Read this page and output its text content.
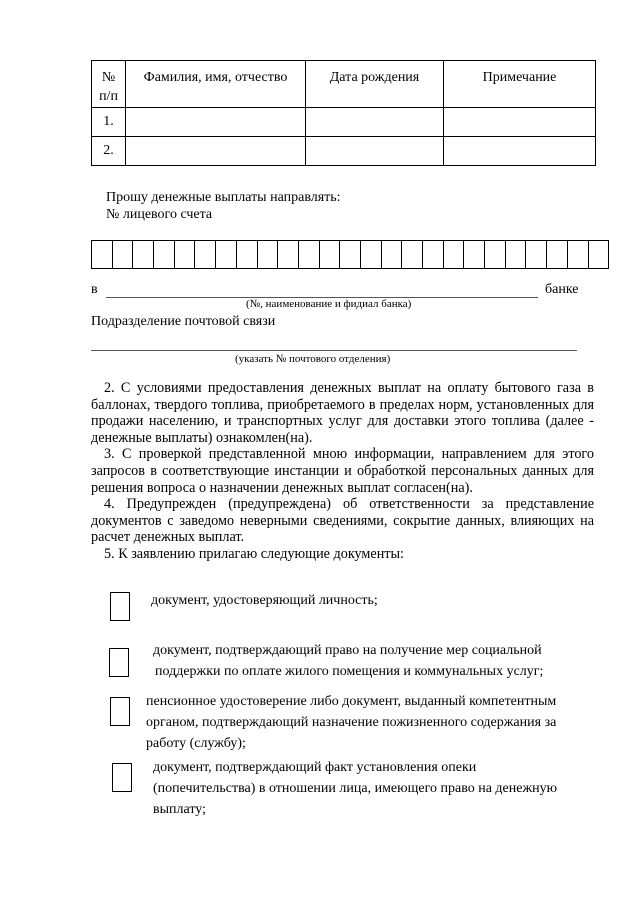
№
п/п	Фамилия, имя, отчество	Дата рождения	Примечание

1.			
2.			
Прошу денежные выплаты направлять:
№ лицевого счета
в	банке
(№, наименование и фидиал банка)
Подразделение почтовой связи
(указать № почтового отделения)

2. С условиями предоставления денежных выплат на оплату бытового газа в баллонах, твердого топлива, приобретаемого в пределах норм, установленных для продажи населению, и транспортных услуг для доставки этого топлива (далее - денежные выплаты) ознакомлен(на).

3. С проверкой представленной мною информации, направлением для этого запросов в соответствующие инстанции и обработкой персональных данных для решения вопроса о назначении денежных выплат согласен(на).

4. Предупрежден (предупреждена) об ответственности за представление документов с заведомо неверными сведениями, сокрытие данных, влияющих на расчет денежных выплат.

5. К заявлению прилагаю следующие документы:

документ, удостоверяющий личность;
документ, подтверждающий право на получение мер социальной
поддержки по оплате жилого помещения и коммунальных услуг;
пенсионное удостоверение либо документ, выданный компетентным
органом, подтверждающий назначение пожизненного содержания за
работу (службу);
документ, подтверждающий факт установления опеки
(попечительства) в отношении лица, имеющего право на денежную
выплату;
